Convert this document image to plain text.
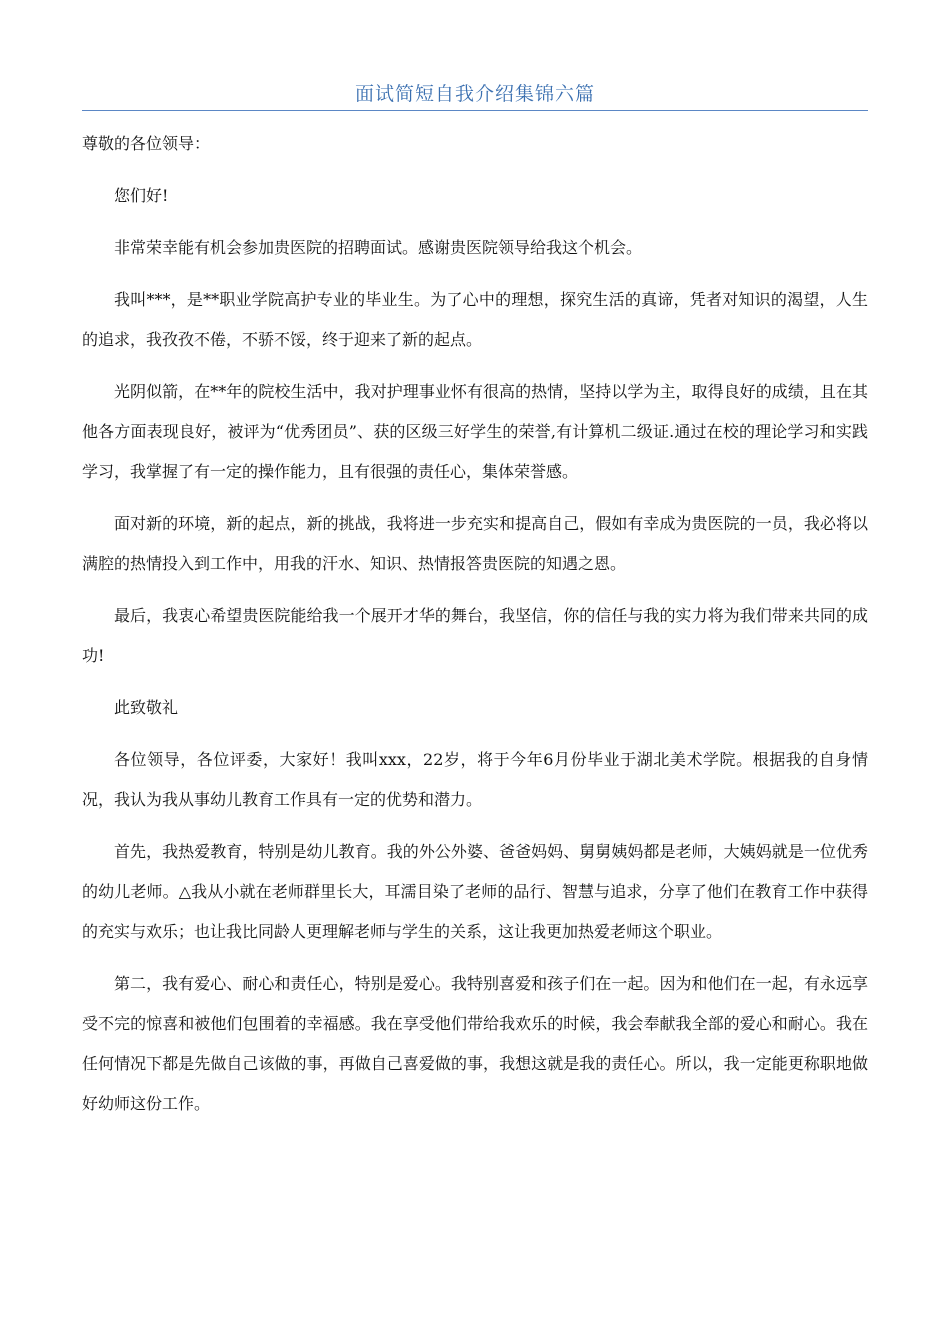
面试简短自我介绍集锦六篇

尊敬的各位领导：

您们好!

非常荣幸能有机会参加贵医院的招聘面试。感谢贵医院领导给我这个机会。

我叫***，是**职业学院高护专业的毕业生。为了心中的理想，探究生活的真谛，凭者对知识的渴望，人生的追求，我孜孜不倦，不骄不馁，终于迎来了新的起点。

光阴似箭，在**年的院校生活中，我对护理事业怀有很高的热情，坚持以学为主，取得良好的成绩，且在其他各方面表现良好，被评为“优秀团员”、获的区级三好学生的荣誉,有计算机二级证.通过在校的理论学习和实践学习，我掌握了有一定的操作能力，且有很强的责任心，集体荣誉感。

面对新的环境，新的起点，新的挑战，我将进一步充实和提高自己，假如有幸成为贵医院的一员，我必将以满腔的热情投入到工作中，用我的汗水、知识、热情报答贵医院的知遇之恩。

最后，我衷心希望贵医院能给我一个展开才华的舞台，我坚信，你的信任与我的实力将为我们带来共同的成功!

此致敬礼

各位领导，各位评委，大家好！我叫xxx，22岁，将于今年6月份毕业于湖北美术学院。根据我的自身情况，我认为我从事幼儿教育工作具有一定的优势和潜力。

首先，我热爱教育，特别是幼儿教育。我的外公外婆、爸爸妈妈、舅舅姨妈都是老师，大姨妈就是一位优秀的幼儿老师。△我从小就在老师群里长大，耳濡目染了老师的品行、智慧与追求，分享了他们在教育工作中获得的充实与欢乐；也让我比同龄人更理解老师与学生的关系，这让我更加热爱老师这个职业。

第二，我有爱心、耐心和责任心，特别是爱心。我特别喜爱和孩子们在一起。因为和他们在一起，有永远享受不完的惊喜和被他们包围着的幸福感。我在享受他们带给我欢乐的时候，我会奉献我全部的爱心和耐心。我在任何情况下都是先做自己该做的事，再做自己喜爱做的事，我想这就是我的责任心。所以，我一定能更称职地做好幼师这份工作。
